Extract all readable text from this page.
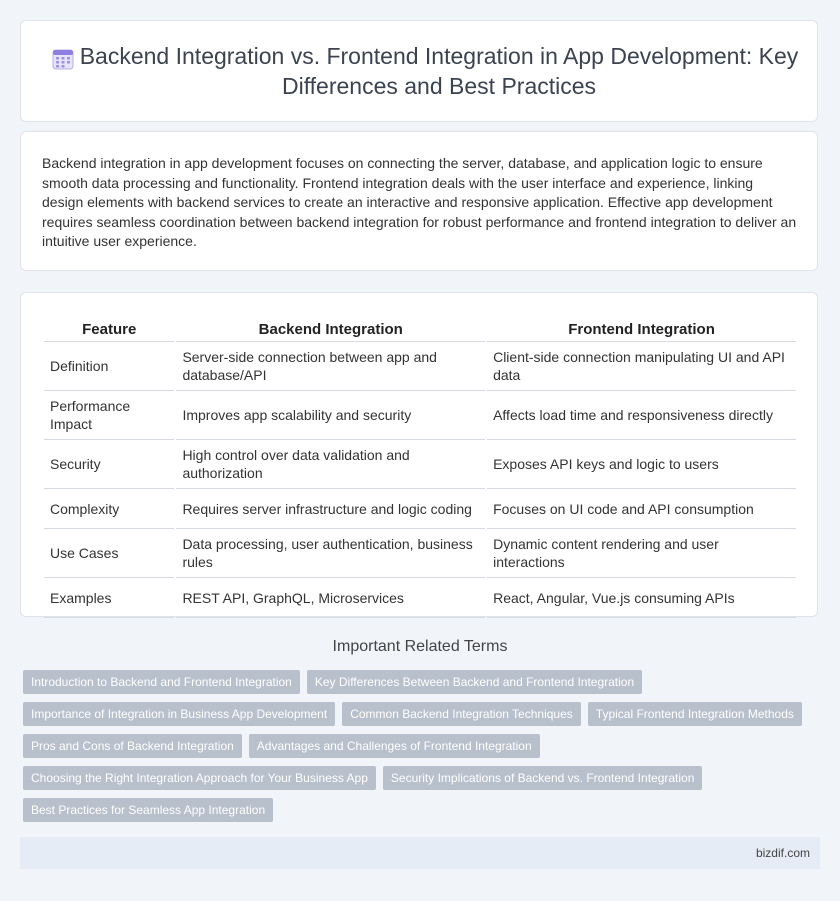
Backend Integration vs. Frontend Integration in App Development: Key Differences and Best Practices

Backend integration in app development focuses on connecting the server, database, and application logic to ensure smooth data processing and functionality. Frontend integration deals with the user interface and experience, linking design elements with backend services to create an interactive and responsive application. Effective app development requires seamless coordination between backend integration for robust performance and frontend integration to deliver an intuitive user experience.

Feature	Backend Integration	Frontend Integration
Definition	Server-side connection between app and database/API	Client-side connection manipulating UI and API data
Performance Impact	Improves app scalability and security	Affects load time and responsiveness directly
Security	High control over data validation and authorization	Exposes API keys and logic to users
Complexity	Requires server infrastructure and logic coding	Focuses on UI code and API consumption
Use Cases	Data processing, user authentication, business rules	Dynamic content rendering and user interactions
Examples	REST API, GraphQL, Microservices	React, Angular, Vue.js consuming APIs
Important Related Terms
Introduction to Backend and Frontend Integration	Key Differences Between Backend and Frontend Integration
Importance of Integration in Business App Development	Common Backend Integration Techniques	Typical Frontend Integration Methods
Pros and Cons of Backend Integration	Advantages and Challenges of Frontend Integration
Choosing the Right Integration Approach for Your Business App	Security Implications of Backend vs. Frontend Integration
Best Practices for Seamless App Integration
bizdif.com
